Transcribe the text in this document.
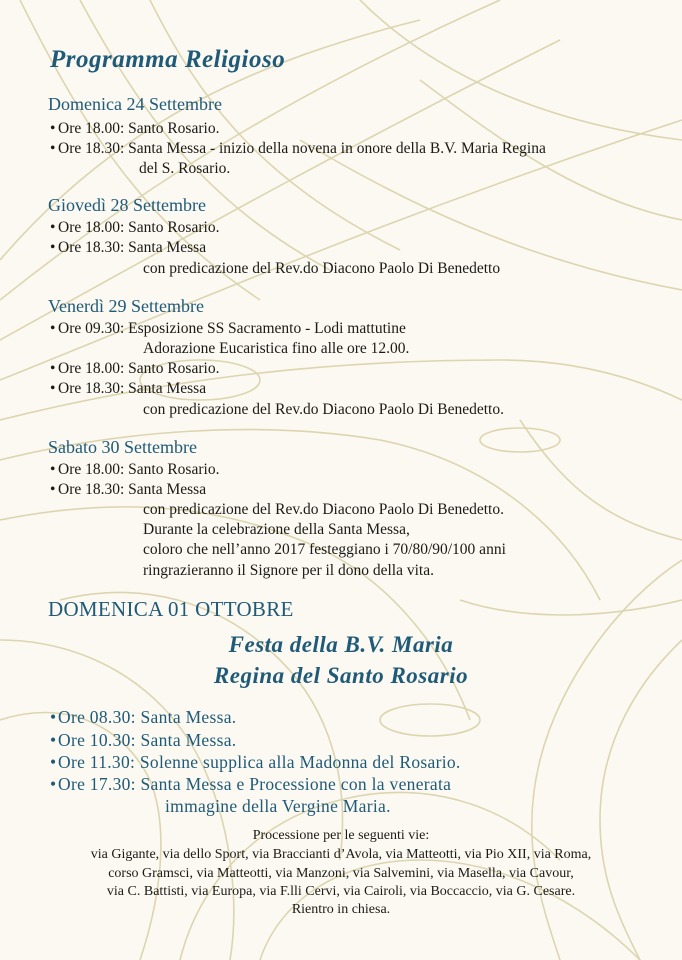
Programma Religioso
Domenica 24 Settembre
• Ore 18.00: Santo Rosario.
• Ore 18.30: Santa Messa - inizio della novena in onore della B.V. Maria Regina
del S. Rosario.
Giovedì 28 Settembre
• Ore 18.00: Santo Rosario.
• Ore 18.30: Santa Messa
con predicazione del Rev.do Diacono Paolo Di Benedetto
Venerdì 29 Settembre
• Ore 09.30: Esposizione SS Sacramento - Lodi mattutine
Adorazione Eucaristica fino alle ore 12.00.
• Ore 18.00: Santo Rosario.
• Ore 18.30: Santa Messa
con predicazione del Rev.do Diacono Paolo Di Benedetto.
Sabato 30 Settembre
• Ore 18.00: Santo Rosario.
• Ore 18.30: Santa Messa
con predicazione del Rev.do Diacono Paolo Di Benedetto.
Durante la celebrazione della Santa Messa,
coloro che nell’anno 2017 festeggiano i 70/80/90/100 anni
ringrazieranno il Signore per il dono della vita.
DOMENICA 01 OTTOBRE
Festa della B.V. Maria
Regina del Santo Rosario
•Ore 08.30: Santa Messa.
•Ore 10.30: Santa Messa.
•Ore 11.30: Solenne supplica alla Madonna del Rosario.
•Ore 17.30: Santa Messa e Processione con la venerata
immagine della Vergine Maria.
Processione per le seguenti vie:
via Gigante, via dello Sport, via Braccianti d’Avola, via Matteotti, via Pio XII, via Roma,
corso Gramsci, via Matteotti, via Manzoni, via Salvemini, via Masella, via Cavour,
via C. Battisti, via Europa, via F.lli Cervi, via Cairoli, via Boccaccio, via G. Cesare.
Rientro in chiesa.
